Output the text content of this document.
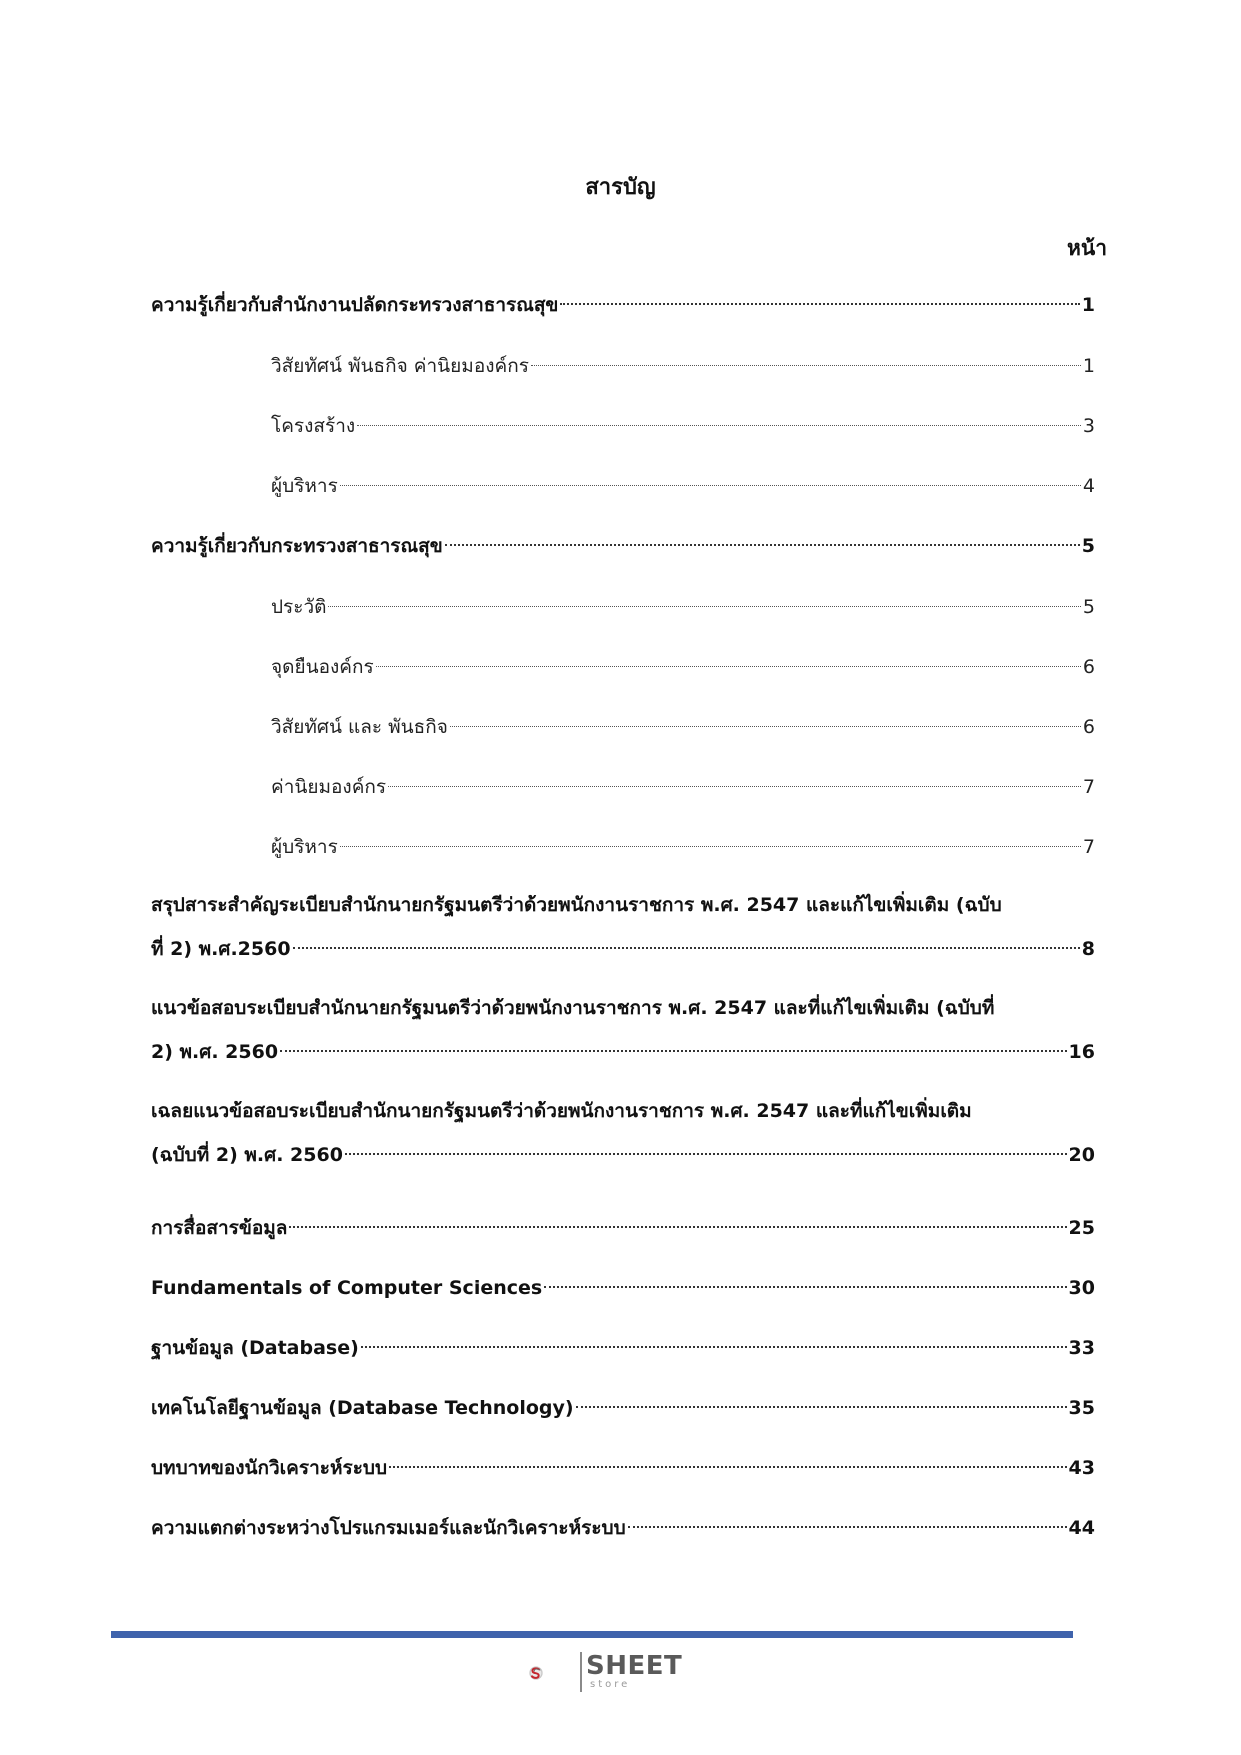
สารบัญ
หน้า
ความรู้เกี่ยวกับสำนักงานปลัดกระทรวงสาธารณสุข	1
วิสัยทัศน์ พันธกิจ ค่านิยมองค์กร	1
โครงสร้าง	3
ผู้บริหาร	4
ความรู้เกี่ยวกับกระทรวงสาธารณสุข	5
ประวัติ	5
จุดยืนองค์กร	6
วิสัยทัศน์ และ พันธกิจ	6
ค่านิยมองค์กร	7
ผู้บริหาร	7
สรุปสาระสำคัญระเบียบสำนักนายกรัฐมนตรีว่าด้วยพนักงานราชการ พ.ศ. 2547 และแก้ไขเพิ่มเติม (ฉบับ
ที่ 2) พ.ศ.2560	8
แนวข้อสอบระเบียบสำนักนายกรัฐมนตรีว่าด้วยพนักงานราชการ พ.ศ. 2547 และที่แก้ไขเพิ่มเติม (ฉบับที่
2) พ.ศ. 2560	16
เฉลยแนวข้อสอบระเบียบสำนักนายกรัฐมนตรีว่าด้วยพนักงานราชการ พ.ศ. 2547 และที่แก้ไขเพิ่มเติม
(ฉบับที่ 2) พ.ศ. 2560	20
การสื่อสารข้อมูล	25
Fundamentals of Computer Sciences	30
ฐานข้อมูล (Database)	33
เทคโนโลยีฐานข้อมูล (Database Technology)	35
บทบาทของนักวิเคราะห์ระบบ	43
ความแตกต่างระหว่างโปรแกรมเมอร์และนักวิเคราะห์ระบบ	44
SHEET
store
